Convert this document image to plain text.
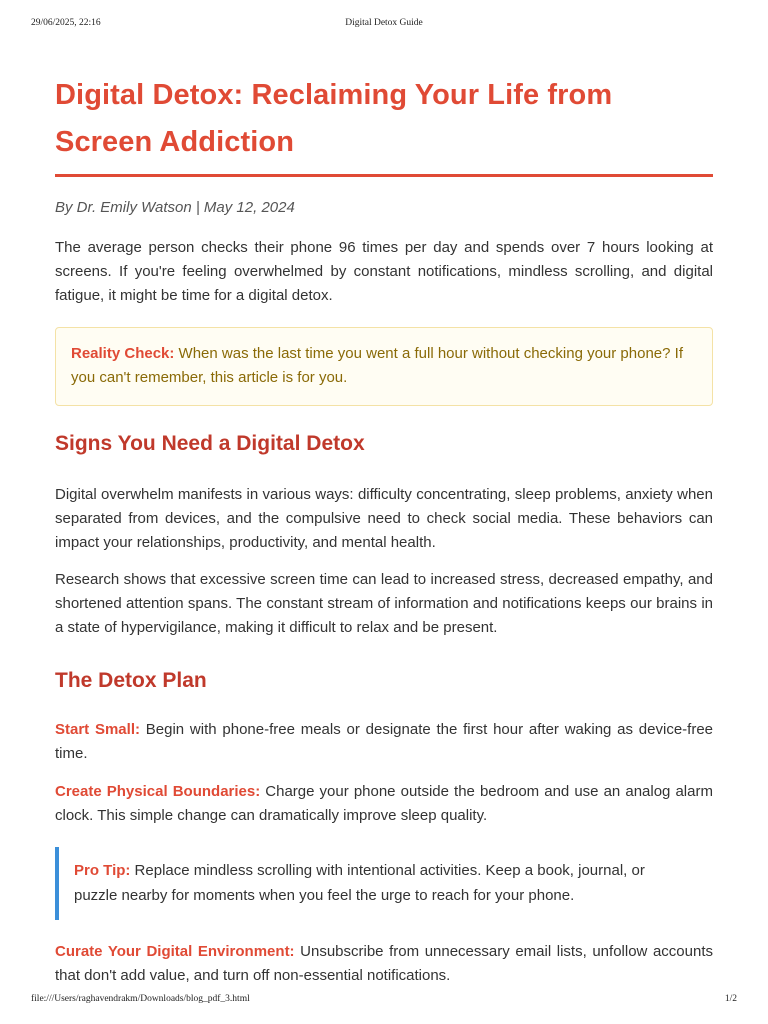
29/06/2025, 22:16	Digital Detox Guide
Digital Detox: Reclaiming Your Life from Screen Addiction
By Dr. Emily Watson | May 12, 2024

The average person checks their phone 96 times per day and spends over 7 hours looking at screens. If you're feeling overwhelmed by constant notifications, mindless scrolling, and digital fatigue, it might be time for a digital detox.

Reality Check: When was the last time you went a full hour without checking your phone? If you can't remember, this article is for you.
Signs You Need a Digital Detox

Digital overwhelm manifests in various ways: difficulty concentrating, sleep problems, anxiety when separated from devices, and the compulsive need to check social media. These behaviors can impact your relationships, productivity, and mental health.

Research shows that excessive screen time can lead to increased stress, decreased empathy, and shortened attention spans. The constant stream of information and notifications keeps our brains in a state of hypervigilance, making it difficult to relax and be present.

The Detox Plan

Start Small: Begin with phone-free meals or designate the first hour after waking as device-free time.

Create Physical Boundaries: Charge your phone outside the bedroom and use an analog alarm clock. This simple change can dramatically improve sleep quality.

Pro Tip: Replace mindless scrolling with intentional activities. Keep a book, journal, or puzzle nearby for moments when you feel the urge to reach for your phone.

Curate Your Digital Environment: Unsubscribe from unnecessary email lists, unfollow accounts that don't add value, and turn off non-essential notifications.

file:///Users/raghavendrakm/Downloads/blog_pdf_3.html	1/2
